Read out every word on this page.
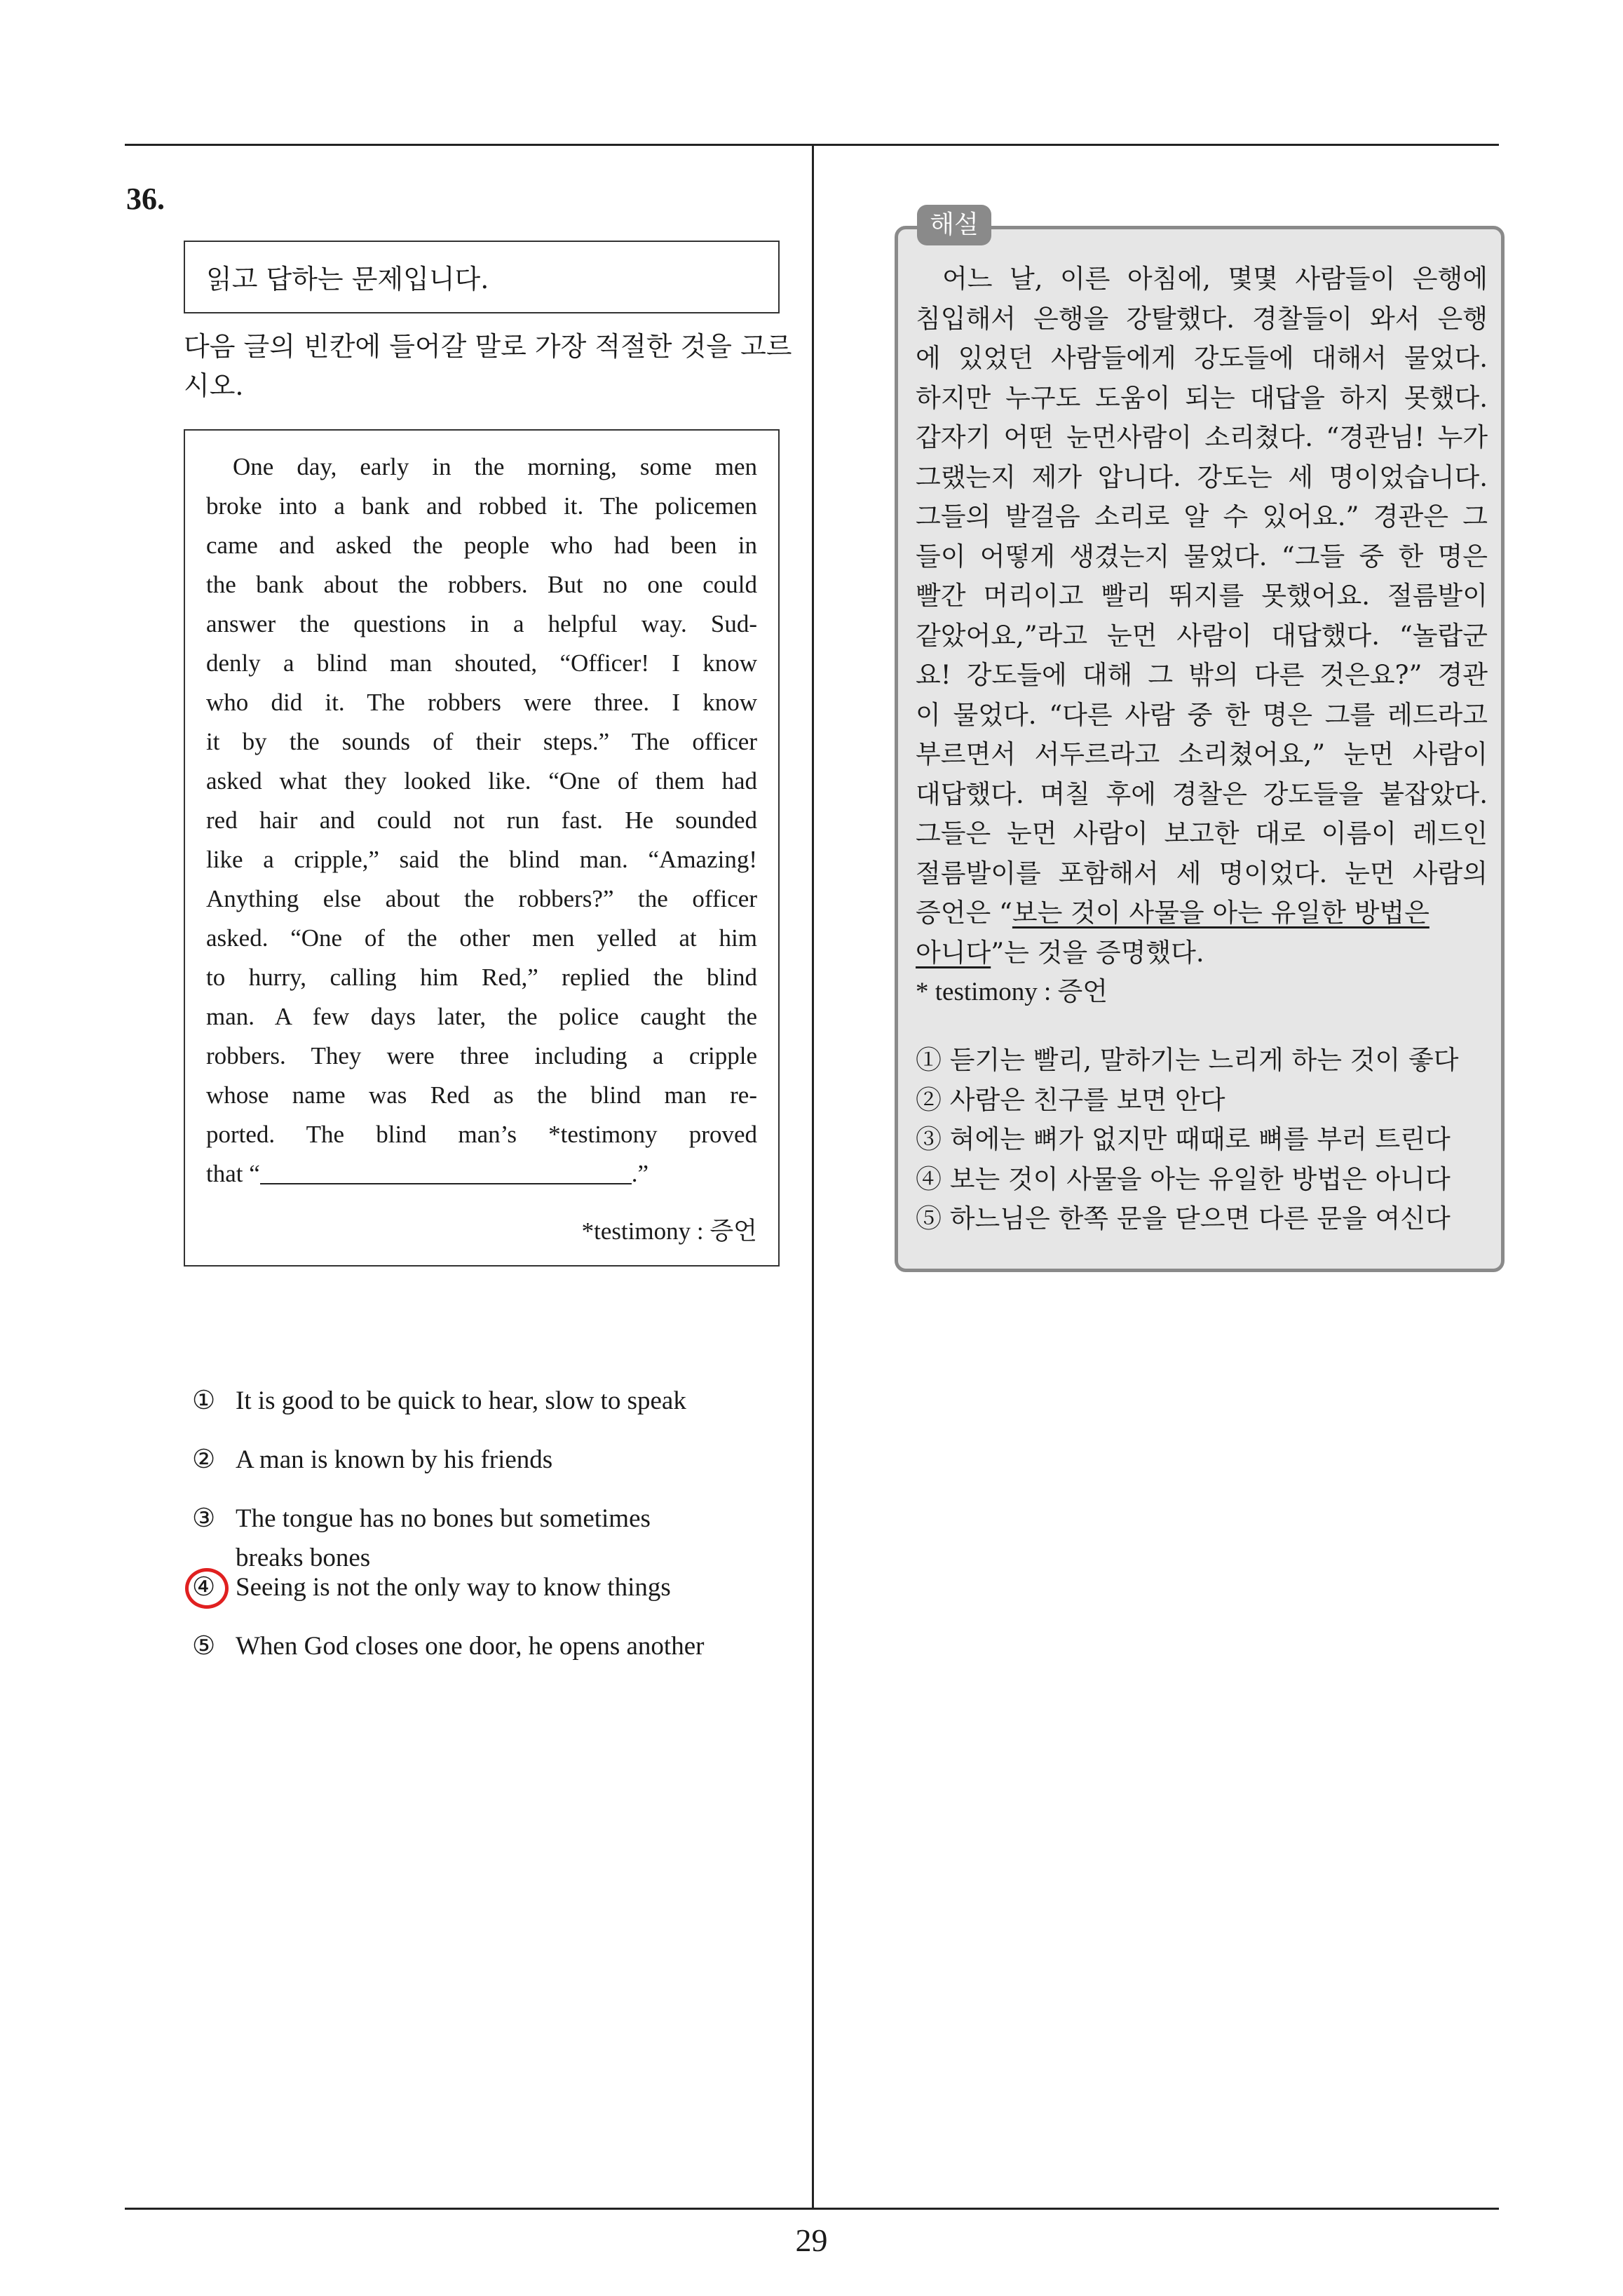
36.
읽고 답하는 문제입니다.
다음 글의 빈칸에 들어갈 말로 가장 적절한 것을 고르시오.
One day, early in the morning, some men
broke into a bank and robbed it. The policemen
came and asked the people who had been in
the bank about the robbers. But no one could
answer the questions in a helpful way. Sud-
denly a blind man shouted, “Officer! I know
who did it. The robbers were three. I know
it by the sounds of their steps.” The officer
asked what they looked like. “One of them had
red hair and could not run fast. He sounded
like a cripple,” said the blind man. “Amazing!
Anything else about the robbers?” the officer
asked. “One of the other men yelled at him
to hurry, calling him Red,” replied the blind
man. A few days later, the police caught the
robbers. They were three including a cripple
whose name was Red as the blind man re-
ported. The blind man’s *testimony proved
that “	.”
*testimony : 증언
① It is good to be quick to hear, slow to speak
② A man is known by his friends
③ The tongue has no bones but sometimes
breaks bones
④ Seeing is not the only way to know things
⑤ When God closes one door, he opens another
해설
어느 날, 이른 아침에, 몇몇 사람들이 은행에
침입해서 은행을 강탈했다. 경찰들이 와서 은행
에 있었던 사람들에게 강도들에 대해서 물었다.
하지만 누구도 도움이 되는 대답을 하지 못했다.
갑자기 어떤 눈먼사람이 소리쳤다. “경관님! 누가
그랬는지 제가 압니다. 강도는 세 명이었습니다.
그들의 발걸음 소리로 알 수 있어요.” 경관은 그
들이 어떻게 생겼는지 물었다. “그들 중 한 명은
빨간 머리이고 빨리 뛰지를 못했어요. 절름발이
같았어요,”라고 눈먼 사람이 대답했다. “놀랍군
요! 강도들에 대해 그 밖의 다른 것은요?” 경관
이 물었다. “다른 사람 중 한 명은 그를 레드라고
부르면서 서두르라고 소리쳤어요,” 눈먼 사람이
대답했다. 며칠 후에 경찰은 강도들을 붙잡았다.
그들은 눈먼 사람이 보고한 대로 이름이 레드인
절름발이를 포함해서 세 명이었다. 눈먼 사람의
증언은 “보는 것이 사물을 아는 유일한 방법은
아니다”는 것을 증명했다.
* testimony : 증언
① 듣기는 빨리, 말하기는 느리게 하는 것이 좋다
② 사람은 친구를 보면 안다
③ 혀에는 뼈가 없지만 때때로 뼈를 부러 트린다
④ 보는 것이 사물을 아는 유일한 방법은 아니다
⑤ 하느님은 한쪽 문을 닫으면 다른 문을 여신다
29
